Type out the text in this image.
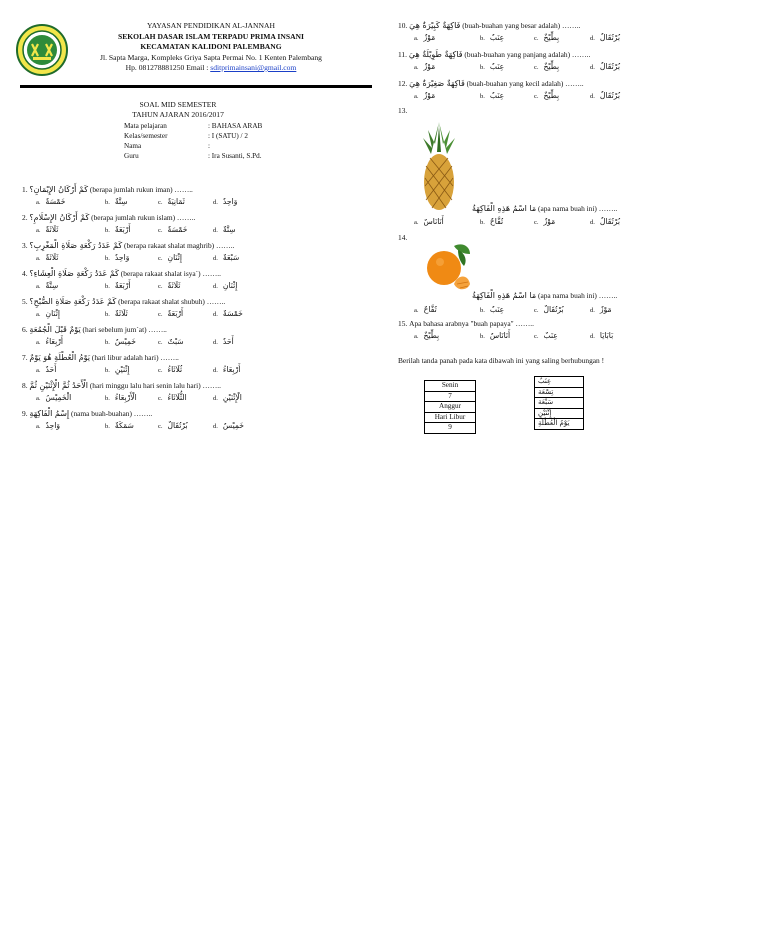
YAYASAN PENDIDIKAN AL-JANNAH
SEKOLAH DASAR ISLAM TERPADU PRIMA INSANI
KECAMATAN KALIDONI PALEMBANG
Jl. Sapta Marga, Kompleks Griya Sapta Permai No. 1 Kenten Palembang
Hp. 081278881250 Email : sditprimainsani@gmail.com
SOAL MID SEMESTER
TAHUN AJARAN 2016/2017
Mata pelajaran	: BAHASA ARAB
Kelas/semester	: I (SATU) / 2
Nama	:
Guru	: Ira Susanti, S.Pd.
1. كَمْ أَرْكَانُ الإِيْمَانِ؟ (berapa jumlah rukun iman) ……..
a. خَمْسَةٌ	b. سِتَّةٌ	c. ثَمَانِيَةٌ	d. وَاحِدٌ
2. كَمْ أَرْكَانُ الإِسْلَامِ؟ (berapa jumlah rukun islam) ……..
a. ثَلَاثَةٌ	b. أَرْبَعَةٌ	c. خَمْسَةٌ	d. سِتَّةٌ
3. كَمْ عَدَدُ رَكْعَةِ صَلَاةِ الْمَغْرِبِ؟ (berapa rakaat shalat maghrib) ……..
a. ثَلَاثَةٌ	b. وَاحِدٌ	c. إِثْنَانِ	d. سَبْعَةٌ
4. كَمْ عَدَدُ رَكْعَةِ صَلَاةِ الْعِشَاءِ؟ (berapa rakaat shalat isya`) ……..
a. سِتَّةٌ	b. أَرْبَعَةٌ	c. ثَلَاثَةٌ	d. إِثْنَانِ
5. كَمْ عَدَدُ رَكْعَةِ صَلَاةِ الصُّبْحِ؟ (berapa rakaat shalat shubuh) ……..
a. إِثْنَانِ	b. ثَلَاثَةٌ	c. أَرْبَعَةٌ	d. خَمْسَةٌ
6. يَوْمٌ قَبْلَ الْجُمُعَةِ (hari sebelum jum`at) ……..
a. أَرْبِعَاءُ	b. خَمِيْسٌ	c. سَبْتٌ	d. أَحَدٌ
7. يَوْمُ الْعُطْلَةِ هُوَ يَوْمٌ (hari libur adalah hari) ……..
a. أَحَدٌ	b. إِثْنَيْنِ	c. ثُلَاثَاءُ	d. أَرْبِعَاءُ
8. الْأَحَدُ ثُمَّ الْإِثْنَيْنِ ثُمَّ (hari minggu lalu hari senin lalu hari) ……..
a. الْخَمِيْسُ	b. الْأَرْبِعَاءُ	c. الثُّلَاثَاءُ	d. الْإِثْنَيْنِ
9. إِسْمُ الْفَاكِهَةِ (nama buah-buahan) ……..
a. وَاحِدٌ	b. سَمَكَةٌ	c. بُرْتُقَالٌ	d. خَمِيْسٌ
10. فَاكِهَةٌ كَبِيْرَةٌ هِيَ (buah-buahan yang besar adalah) ……..
a. مَوْزٌ	b. عِنَبٌ	c. بِطِّيْخٌ	d. بُرْتُقَالٌ
11. فَاكِهَةٌ طَوِيْلَةٌ هِيَ (buah-buahan yang panjang adalah) ……..
a. مَوْزٌ	b. عِنَبٌ	c. بِطِّيْخٌ	d. بُرْتُقَالٌ
12. فَاكِهَةٌ صَغِيْرَةٌ هِيَ (buah-buahan yang kecil adalah) ……..
a. مَوْزٌ	b. عِنَبٌ	c. بِطِّيْخٌ	d. بُرْتُقَالٌ
13.
مَا اسْمُ هَذِهِ الْفَاكِهَةُ (apa nama buah ini) ……..
a. أَنَانَاسٌ	b. تُفَّاحٌ	c. مَوْزٌ	d. بُرْتُقَالٌ
14.
مَا اسْمُ هَذِهِ الْفَاكِهَةُ (apa nama buah ini) ……..
a. تُفَّاحٌ	b. عِنَبٌ	c. بُرْتُقَالٌ	d. مَوْزٌ
15. Apa bahasa arabnya "buah papaya" ……..
a. بِطِّيْخٌ	b. أَنَانَاسٌ	c. عِنَبٌ	d. بَابَايَا
Berilah tanda panah pada kata dibawah ini yang saling berhubungan !
Senin
7
Anggur
Hari Libur
9
عِنَبٌ
تِسْعَة
سَبْعَة
إِثْنَيْنِ
يَوْمُ الْعُطْلَةِ
